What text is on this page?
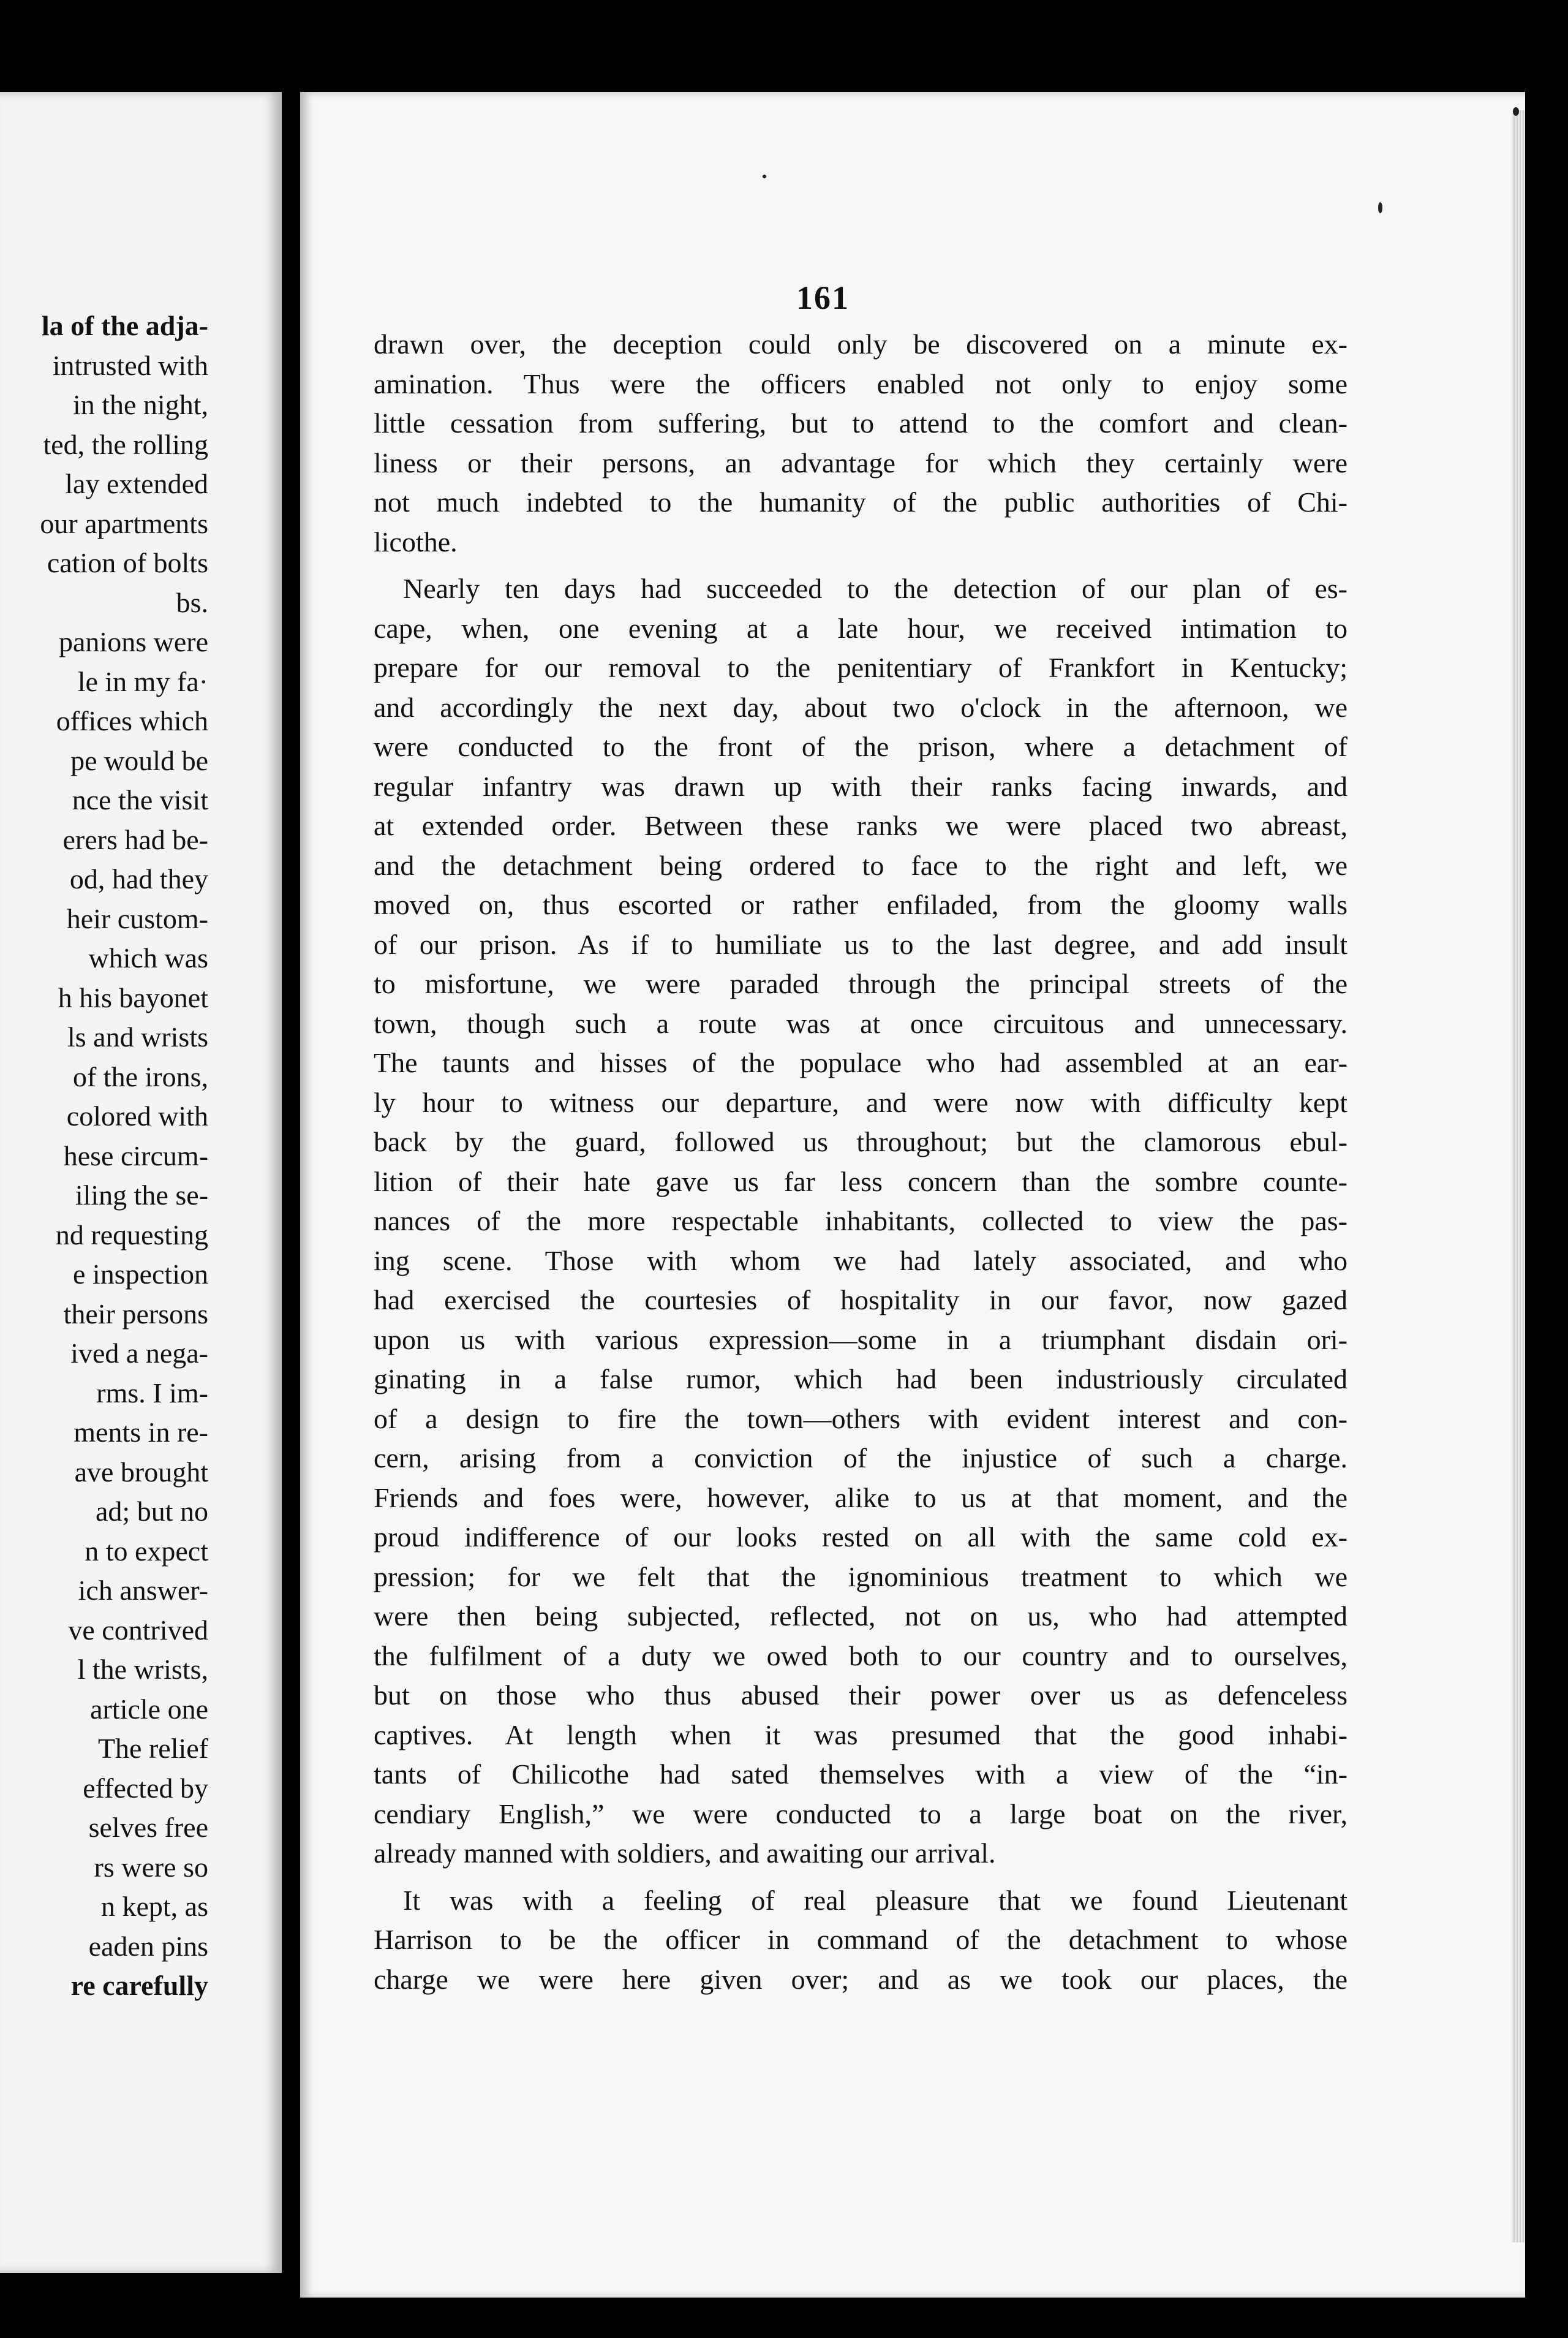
la of the adja-
intrusted with
in the night,
ted, the rolling
lay extended
our apartments
cation of bolts
bs.
panions were
le in my fa·
offices which
pe would be
nce the visit
erers had be-
od, had they
heir custom-
which was
h his bayonet
ls and wrists
of the irons,
colored with
hese circum-
iling the se-
nd requesting
e inspection
their persons
ived a nega-
rms. I im-
ments in re-
ave brought
ad; but no
n to expect
ich answer-
ve contrived
l the wrists,
article one
The relief
effected by
selves free
rs were so
n kept, as
eaden pins
re carefully
161
drawn over, the deception could only be discovered on a minute ex-
amination. Thus were the officers enabled not only to enjoy some
little cessation from suffering, but to attend to the comfort and clean-
liness or their persons, an advantage for which they certainly were
not much indebted to the humanity of the public authorities of Chi-
licothe.
Nearly ten days had succeeded to the detection of our plan of es-
cape, when, one evening at a late hour, we received intimation to
prepare for our removal to the penitentiary of Frankfort in Kentucky;
and accordingly the next day, about two o'clock in the afternoon, we
were conducted to the front of the prison, where a detachment of
regular infantry was drawn up with their ranks facing inwards, and
at extended order. Between these ranks we were placed two abreast,
and the detachment being ordered to face to the right and left, we
moved on, thus escorted or rather enfiladed, from the gloomy walls
of our prison. As if to humiliate us to the last degree, and add insult
to misfortune, we were paraded through the principal streets of the
town, though such a route was at once circuitous and unnecessary.
The taunts and hisses of the populace who had assembled at an ear-
ly hour to witness our departure, and were now with difficulty kept
back by the guard, followed us throughout; but the clamorous ebul-
lition of their hate gave us far less concern than the sombre counte-
nances of the more respectable inhabitants, collected to view the pas-
ing scene. Those with whom we had lately associated, and who
had exercised the courtesies of hospitality in our favor, now gazed
upon us with various expression—some in a triumphant disdain ori-
ginating in a false rumor, which had been industriously circulated
of a design to fire the town—others with evident interest and con-
cern, arising from a conviction of the injustice of such a charge.
Friends and foes were, however, alike to us at that moment, and the
proud indifference of our looks rested on all with the same cold ex-
pression; for we felt that the ignominious treatment to which we
were then being subjected, reflected, not on us, who had attempted
the fulfilment of a duty we owed both to our country and to ourselves,
but on those who thus abused their power over us as defenceless
captives. At length when it was presumed that the good inhabi-
tants of Chilicothe had sated themselves with a view of the “in-
cendiary English,” we were conducted to a large boat on the river,
already manned with soldiers, and awaiting our arrival.
It was with a feeling of real pleasure that we found Lieutenant
Harrison to be the officer in command of the detachment to whose
charge we were here given over; and as we took our places, the
